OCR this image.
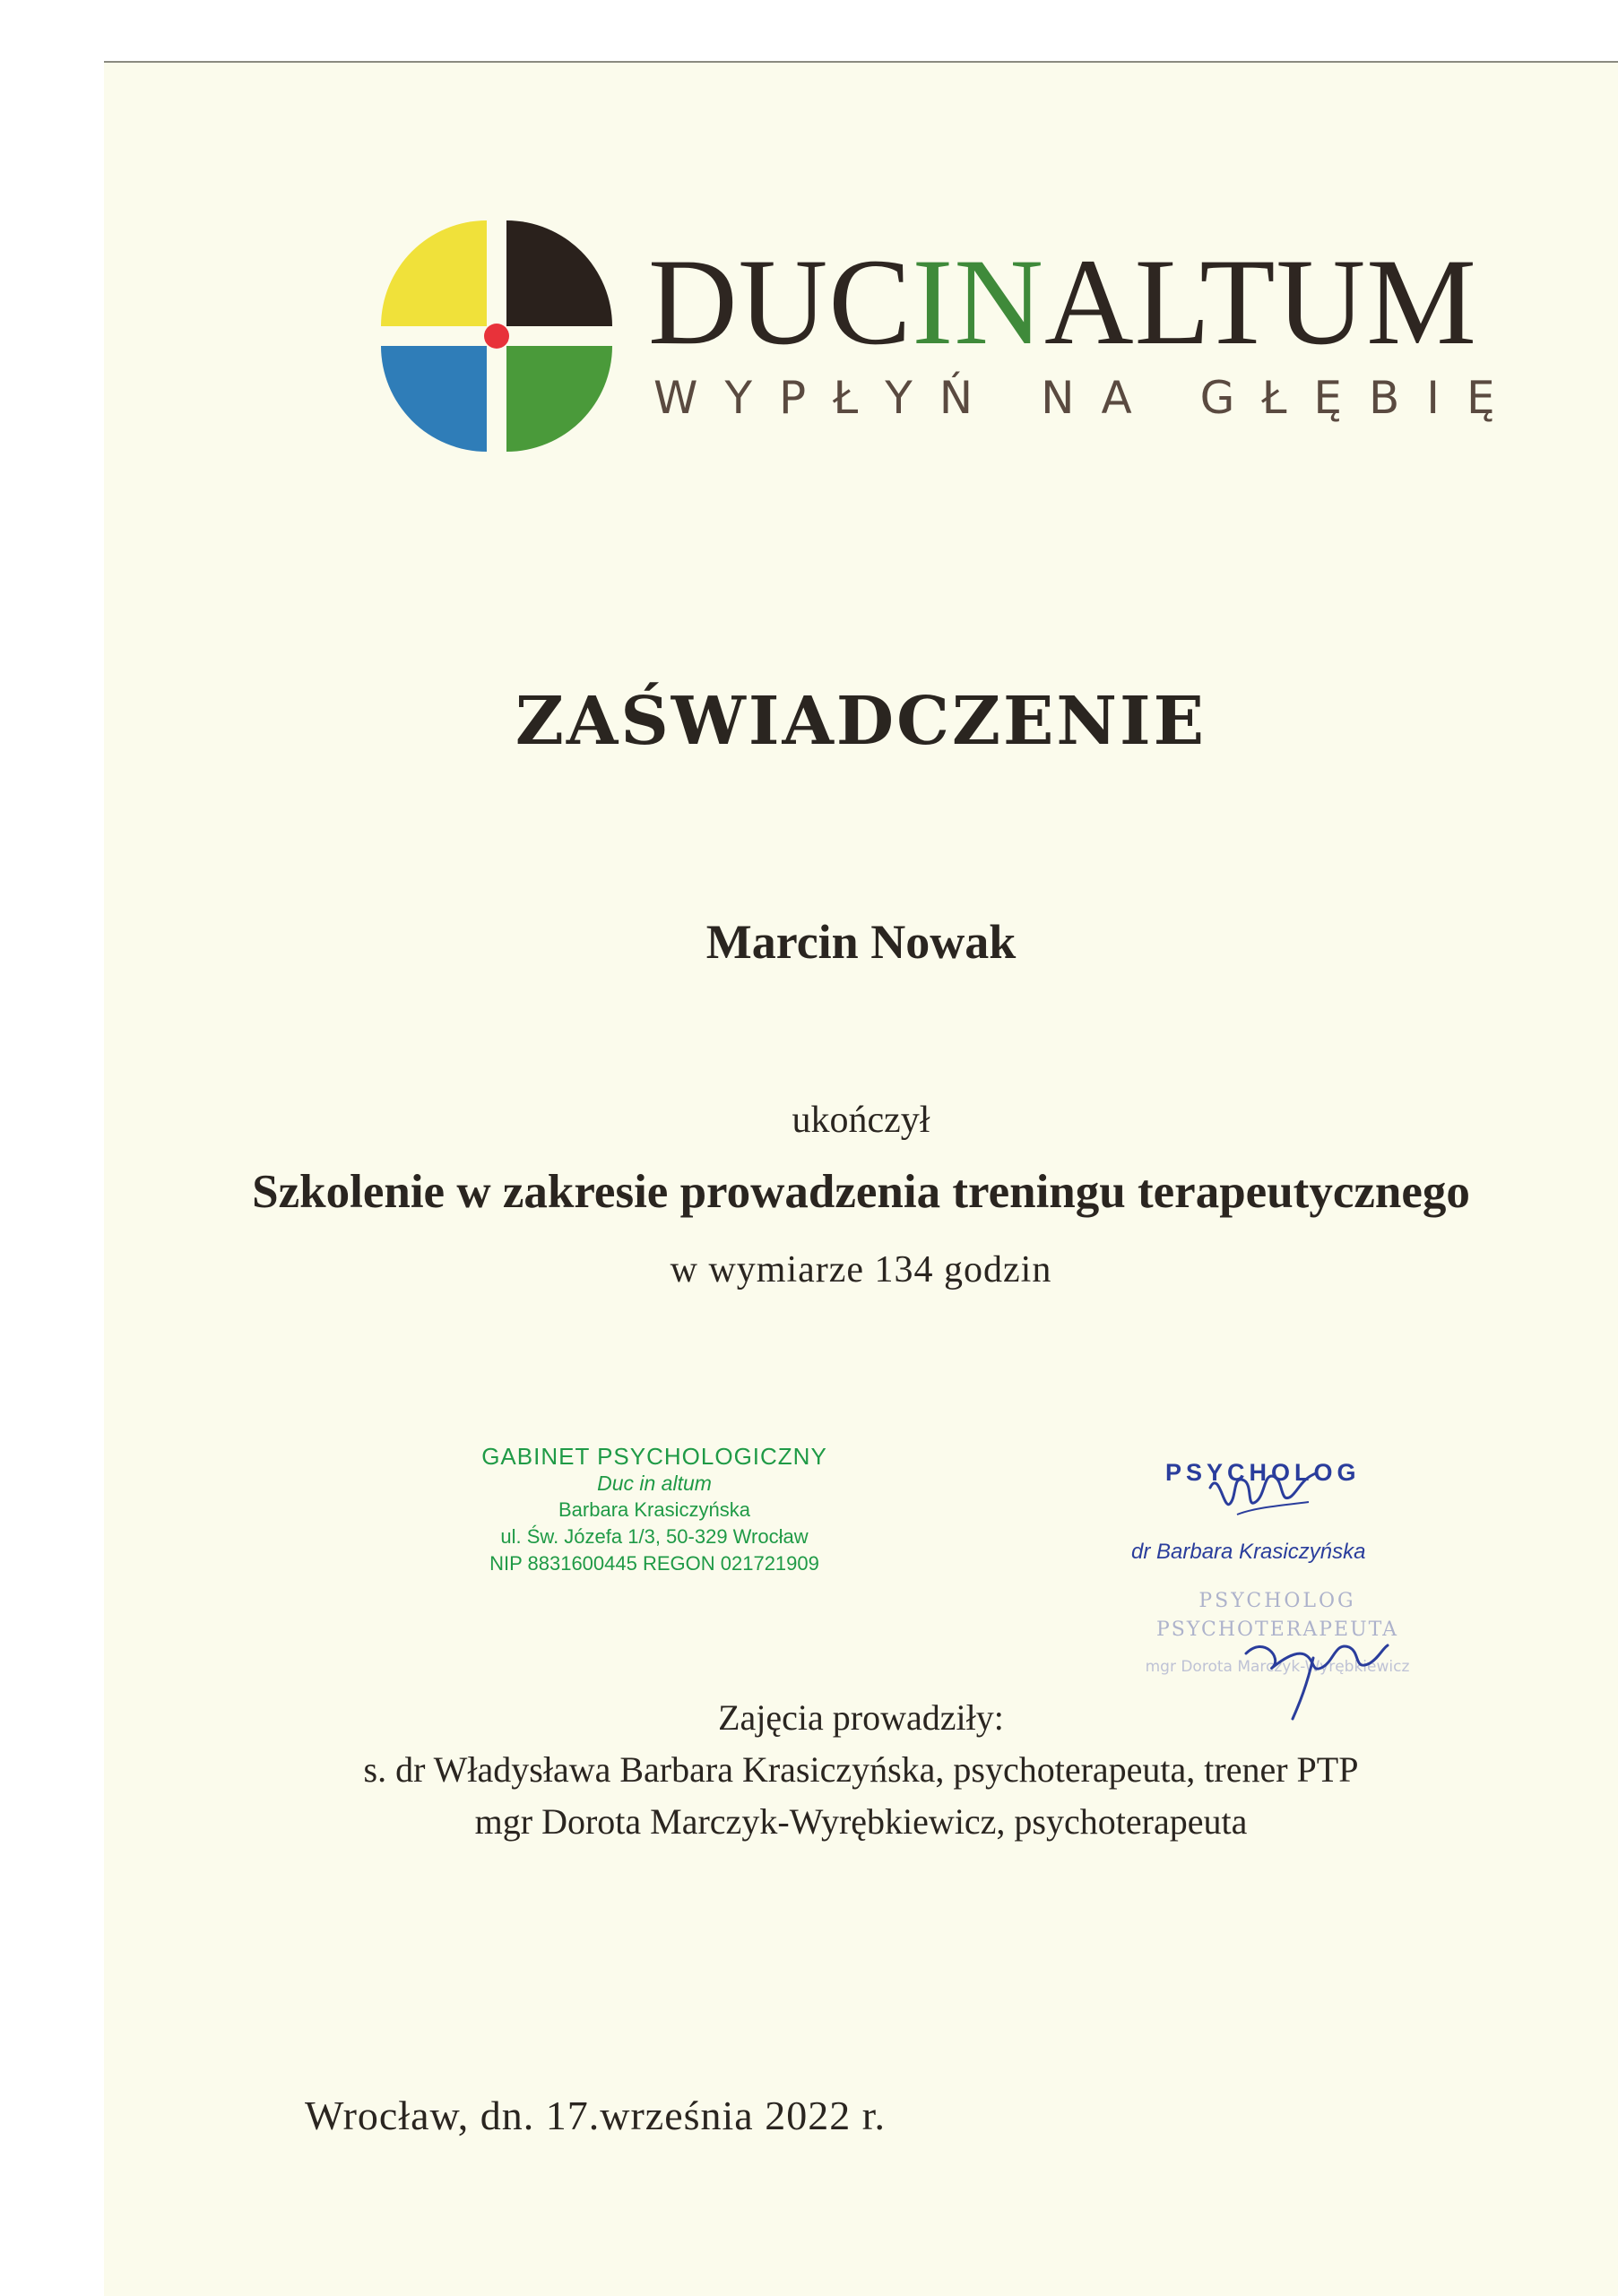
DUCINALTUM
WYPŁYŃ NA GŁĘBIĘ
ZAŚWIADCZENIE
Marcin Nowak
ukończył
Szkolenie w zakresie prowadzenia treningu terapeutycznego
w wymiarze 134 godzin
GABINET PSYCHOLOGICZNY
Duc in altum
Barbara Krasiczyńska
ul. Św. Józefa 1/3, 50-329 Wrocław
NIP 8831600445 REGON 021721909
PSYCHOLOG
dr Barbara Krasiczyńska
PSYCHOLOG
PSYCHOTERAPEUTA
mgr Dorota Marczyk-Wyrębkiewicz
Zajęcia prowadziły:
s. dr Władysława Barbara Krasiczyńska, psychoterapeuta, trener PTP
mgr Dorota Marczyk-Wyrębkiewicz, psychoterapeuta
Wrocław, dn. 17.września 2022 r.
